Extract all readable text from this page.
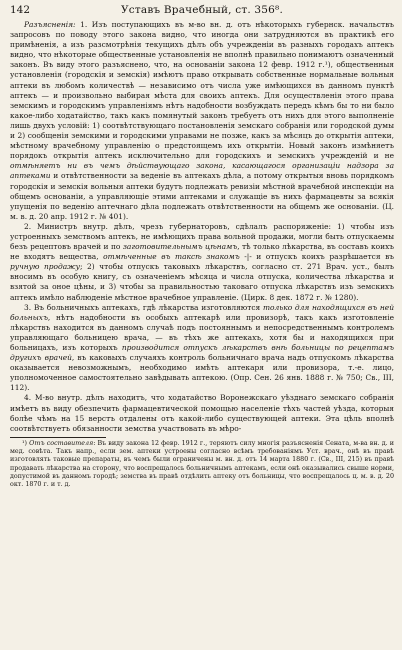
142	Уставъ Врачебный, ст. 356⁸.

Разъясненія: 1. Изъ поступающихъ въ м-во вн. д. отъ нѣкоторыхъ губернск. начальствъ запросовъ по поводу этого закона видно, что иногда они затрудняются въ практикѣ его примѣненія, а изъ разсмотрѣнія текущихъ дѣлъ объ учрежденіи въ разныхъ городахъ аптекъ видно, что нѣкоторые общественные установленія не вполнѣ правильно понимаютъ означенный законъ. Въ виду этого разъяснено, что, на основаніи закона 12 февр. 1912 г.¹), общественныя установленія (городскія и земскія) имѣютъ право открывать собственные нормальные вольныя аптеки въ любомъ количествѣ — независимо отъ числа уже имѣющихся въ данномъ пунктѣ аптекъ — и произвольно выбирая мѣста для своихъ аптекъ. Для осуществленія этого права земскимъ и городскимъ управленіямъ нѣтъ надобности возбуждать передъ кѣмъ бы то ни было какое-либо ходатайство, такъ какъ помянутый законъ требуетъ отъ нихъ для этого выполненіе лишь двухъ условій: 1) соотвѣтствующаго постановленія земскаго собранія или городской думы и 2) сообщенія земскими и городскими управами не позже, какъ за мѣсяцъ до открытія аптеки, мѣстному врачебному управленію о предстоящемъ ихъ открытіи. Новый законъ измѣняетъ порядокъ открытія аптекъ исключительно для городскихъ и земскихъ учрежденій и не отмѣняетъ ни въ чемъ дѣйствующаго закона, касающагося организаціи надзора за аптеками и отвѣтственности за веденіе въ аптекахъ дѣла, а потому открытыя вновь порядкомъ городскія и земскія вольныя аптеки будутъ подлежать ревизіи мѣстной врачебной инспекціи на общемъ основаніи, а управляющіе этими аптеками и служащіе въ нихъ фармацевты за всякія упущенія по веденію аптечнаго дѣла подлежать отвѣтственности на общемъ же основаніи. (Ц. м. в. д. 20 апр. 1912 г. № 401).

2. Министръ внутр. дѣлъ, чрезъ губернаторовъ, сдѣлалъ распоряженіе: 1) чтобы изъ устроенныхъ земствомъ аптекъ, не имѣющихъ права вольной продажи, могли быть отпускаемы безъ рецептовъ врачей и по заготовительнымъ цѣнамъ, тѣ только лѣкарства, въ составъ коихъ не входятъ вещества, отмѣченные въ таксѣ знакомъ -|- и отпускъ коихъ разрѣшается въ ручную продажу; 2) чтобы отпускъ таковыхъ лѣкарствъ, согласно ст. 271 Врач. уст., былъ вносимъ въ особую книгу, съ означеніемъ мѣсяца и числа отпуска, количества лѣкарства и взятой за оное цѣны, и 3) чтобы за правильностью таковаго отпуска лѣкарствъ изъ земскихъ аптекъ имѣло наблюденіе мѣстное врачебное управленіе. (Цирк. 8 дек. 1872 г. № 1280).

3. Въ больничныхъ аптекахъ, гдѣ лѣкарства изготовляются только для находящихся въ ней больныхъ, нѣтъ надобности въ особыхъ аптекарѣ или провизорѣ, такъ какъ изготовленіе лѣкарствъ находится въ данномъ случаѣ подъ постояннымъ и непосредственнымъ контролемъ управляющаго больницею врача, — въ тѣхъ же аптекахъ, хотя бы и находящихся при больницахъ, изъ которыхъ производится отпускъ лѣкарствъ внѣ больницы по рецептамъ другихъ врачей, въ каковыхъ случаяхъ контроль больничнаго врача надъ отпускомъ лѣкарства оказывается невозможнымъ, необходимо имѣть аптекаря или провизора, т.-е. лицо, уполномоченное самостоятельно завѣдывать аптекою. (Опр. Сен. 26 янв. 1888 г. № 750; Св., III, 112).

4. М-во внутр. дѣлъ находитъ, что ходатайство Воронежскаго уѣзднаго земскаго собранія имѣетъ въ виду обезпечить фармацевтической помощью населеніе тѣхъ частей уѣзда, которыя болѣе чѣмъ на 15 верстъ отдалены отъ какой-либо существующей аптеки. Эта цѣль вполнѣ соотвѣтствуетъ обязанности земства участвовать въ мѣро-

¹) Отъ составителя: Въ виду закона 12 февр. 1912 г., теряютъ силу многія разъясненія Сената, м-ва вн. д. и мед. совѣта. Такъ напр., если зем. аптеки устроены согласно всѣмъ требованіямъ Уст. врач., онѣ въ правѣ изготовлять таковые препараты, въ чемъ были ограничены м. вн. д. отъ 14 марта 1880 г. (Св., III, 215) въ правѣ продавать лѣкарства на сторону, что воспрещалось больничнымъ аптекамъ, если онѣ оказывались свыше норми, допустимой въ данномъ городѣ; земства въ правѣ отдѣлить аптеку отъ больницы, что воспрещалось ц. м. в. д. 20 окт. 1870 г. и т. д.
